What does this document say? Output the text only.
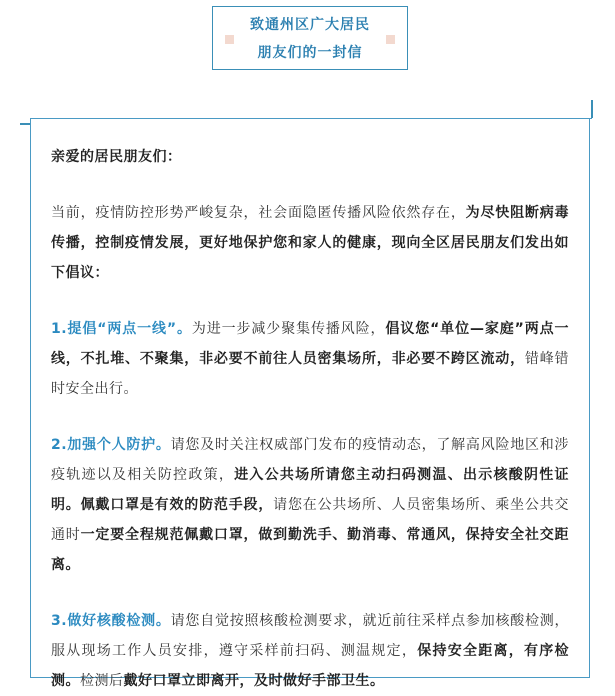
致通州区广大居民
朋友们的一封信

亲爱的居民朋友们：

当前，疫情防控形势严峻复杂，社会面隐匿传播风险依然存在，为尽快阻断病毒传播，控制疫情发展，更好地保护您和家人的健康，现向全区居民朋友们发出如下倡议：

1.提倡“两点一线”。为进一步减少聚集传播风险，倡议您“单位—家庭”两点一线，不扎堆、不聚集，非必要不前往人员密集场所，非必要不跨区流动，错峰错时安全出行。

2.加强个人防护。请您及时关注权威部门发布的疫情动态，了解高风险地区和涉疫轨迹以及相关防控政策，进入公共场所请您主动扫码测温、出示核酸阴性证明。佩戴口罩是有效的防范手段，请您在公共场所、人员密集场所、乘坐公共交通时一定要全程规范佩戴口罩，做到勤洗手、勤消毒、常通风，保持安全社交距离。

3.做好核酸检测。请您自觉按照核酸检测要求，就近前往采样点参加核酸检测，服从现场工作人员安排，遵守采样前扫码、测温规定，保持安全距离，有序检测。检测后戴好口罩立即离开，及时做好手部卫生。
